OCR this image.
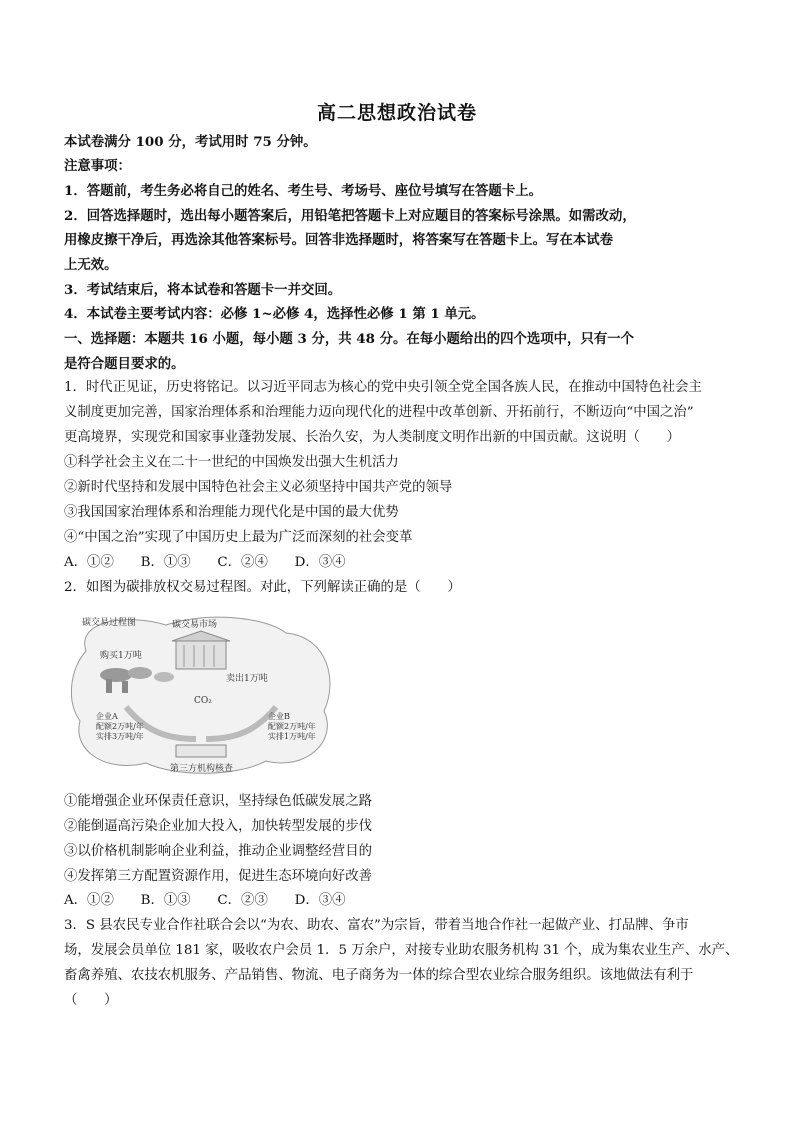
高二思想政治试卷
本试卷满分 100 分，考试用时 75 分钟。
注意事项：
1．答题前，考生务必将自己的姓名、考生号、考场号、座位号填写在答题卡上。
2．回答选择题时，选出每小题答案后，用铅笔把答题卡上对应题目的答案标号涂黑。如需改动，
用橡皮擦干净后，再选涂其他答案标号。回答非选择题时，将答案写在答题卡上。写在本试卷
上无效。
3．考试结束后，将本试卷和答题卡一并交回。
4．本试卷主要考试内容：必修 1~必修 4，选择性必修 1 第 1 单元。
一、选择题：本题共 16 小题，每小题 3 分，共 48 分。在每小题给出的四个选项中，只有一个
是符合题目要求的。
1．时代正见证，历史将铭记。以习近平同志为核心的党中央引领全党全国各族人民，在推动中国特色社会主
义制度更加完善，国家治理体系和治理能力迈向现代化的进程中改革创新、开拓前行，不断迈向“中国之治”
更高境界，实现党和国家事业蓬勃发展、长治久安，为人类制度文明作出新的中国贡献。这说明（　　）
①科学社会主义在二十一世纪的中国焕发出强大生机活力
②新时代坚持和发展中国特色社会主义必须坚持中国共产党的领导
③我国国家治理体系和治理能力现代化是中国的最大优势
④“中国之治”实现了中国历史上最为广泛而深刻的社会变革
A．①②　　B．①③　　C．②④　　D．③④
2．如图为碳排放权交易过程图。对此，下列解读正确的是（　　）
碳交易过程图	碳交易市场
购买1万吨
卖出1万吨
CO₂
企业A
配额2万吨/年
实排3万吨/年
企业B
配额2万吨/年
实排1万吨/年
第三方机构核查
①能增强企业环保责任意识，坚持绿色低碳发展之路
②能倒逼高污染企业加大投入，加快转型发展的步伐
③以价格机制影响企业利益，推动企业调整经营目的
④发挥第三方配置资源作用，促进生态环境向好改善
A．①②　　B．①③　　C．②③　　D．③④
3．S 县农民专业合作社联合会以“为农、助农、富农”为宗旨，带着当地合作社一起做产业、打品牌、争市
场，发展会员单位 181 家，吸收农户会员 1．5 万余户，对接专业助农服务机构 31 个，成为集农业生产、水产、
畜禽养殖、农技农机服务、产品销售、物流、电子商务为一体的综合型农业综合服务组织。该地做法有利于
（　　）
